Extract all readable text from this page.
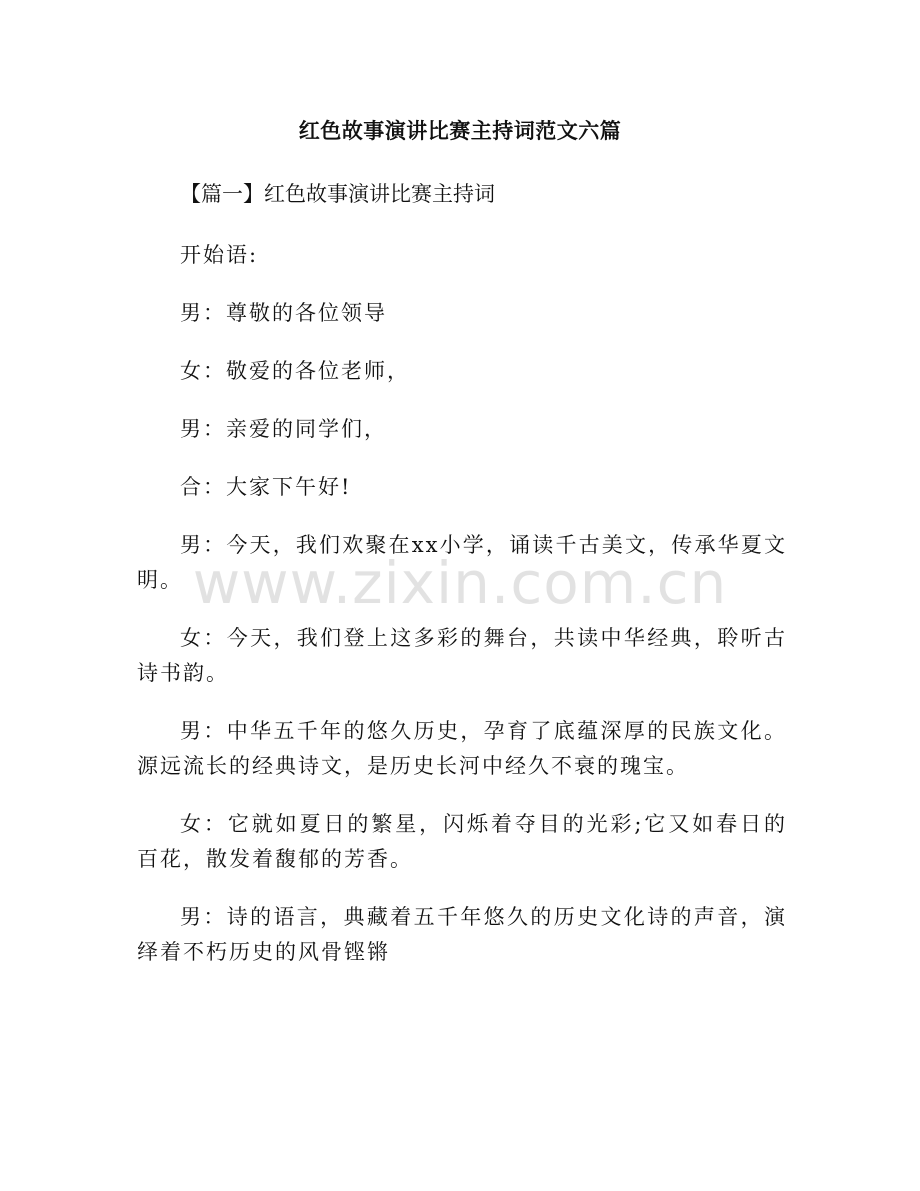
红色故事演讲比赛主持词范文六篇
【篇一】红色故事演讲比赛主持词

开始语:

男：尊敬的各位领导

女：敬爱的各位老师，

男：亲爱的同学们，

合：大家下午好!

男：今天，我们欢聚在xx小学，诵读千古美文，传承华夏文明。

女：今天，我们登上这多彩的舞台，共读中华经典，聆听古诗书韵。

男：中华五千年的悠久历史，孕育了底蕴深厚的民族文化。源远流长的经典诗文，是历史长河中经久不衰的瑰宝。

女：它就如夏日的繁星，闪烁着夺目的光彩;它又如春日的百花，散发着馥郁的芳香。

男：诗的语言，典藏着五千年悠久的历史文化诗的声音，演绎着不朽历史的风骨铿锵

www.zixin.com.cn
